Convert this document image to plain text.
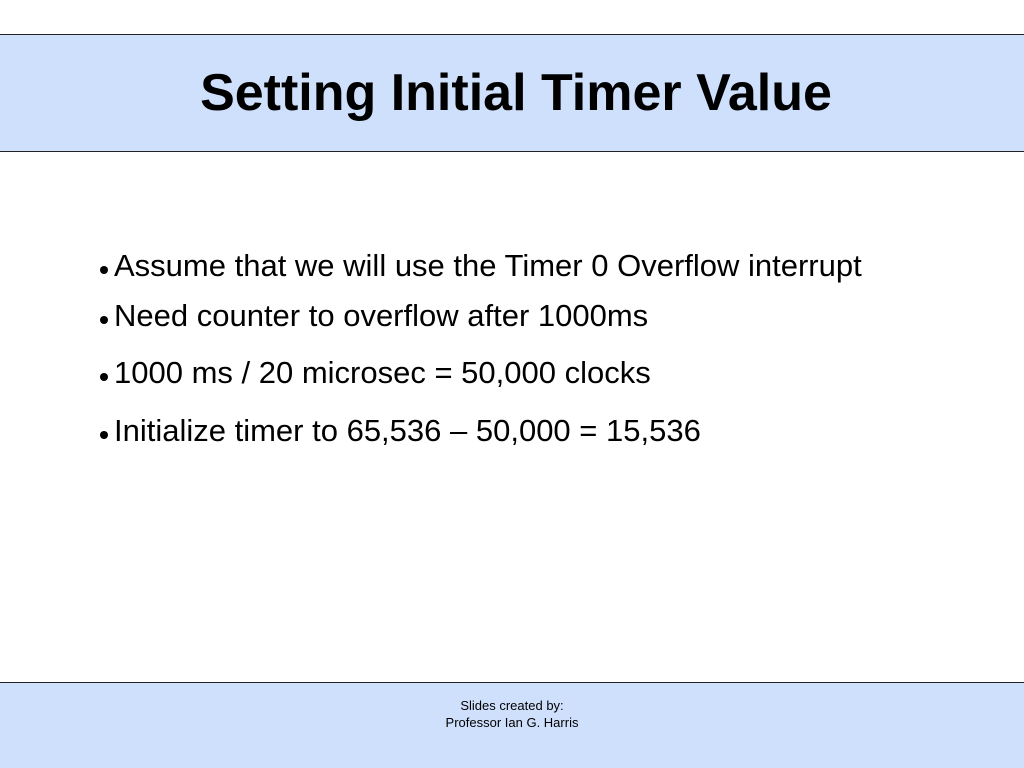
Setting Initial Timer Value
Assume that we will use the Timer 0 Overflow interrupt
Need counter to overflow after 1000ms
1000 ms / 20 microsec = 50,000 clocks
Initialize timer to 65,536 – 50,000 = 15,536
Slides created by:
Professor Ian G. Harris
